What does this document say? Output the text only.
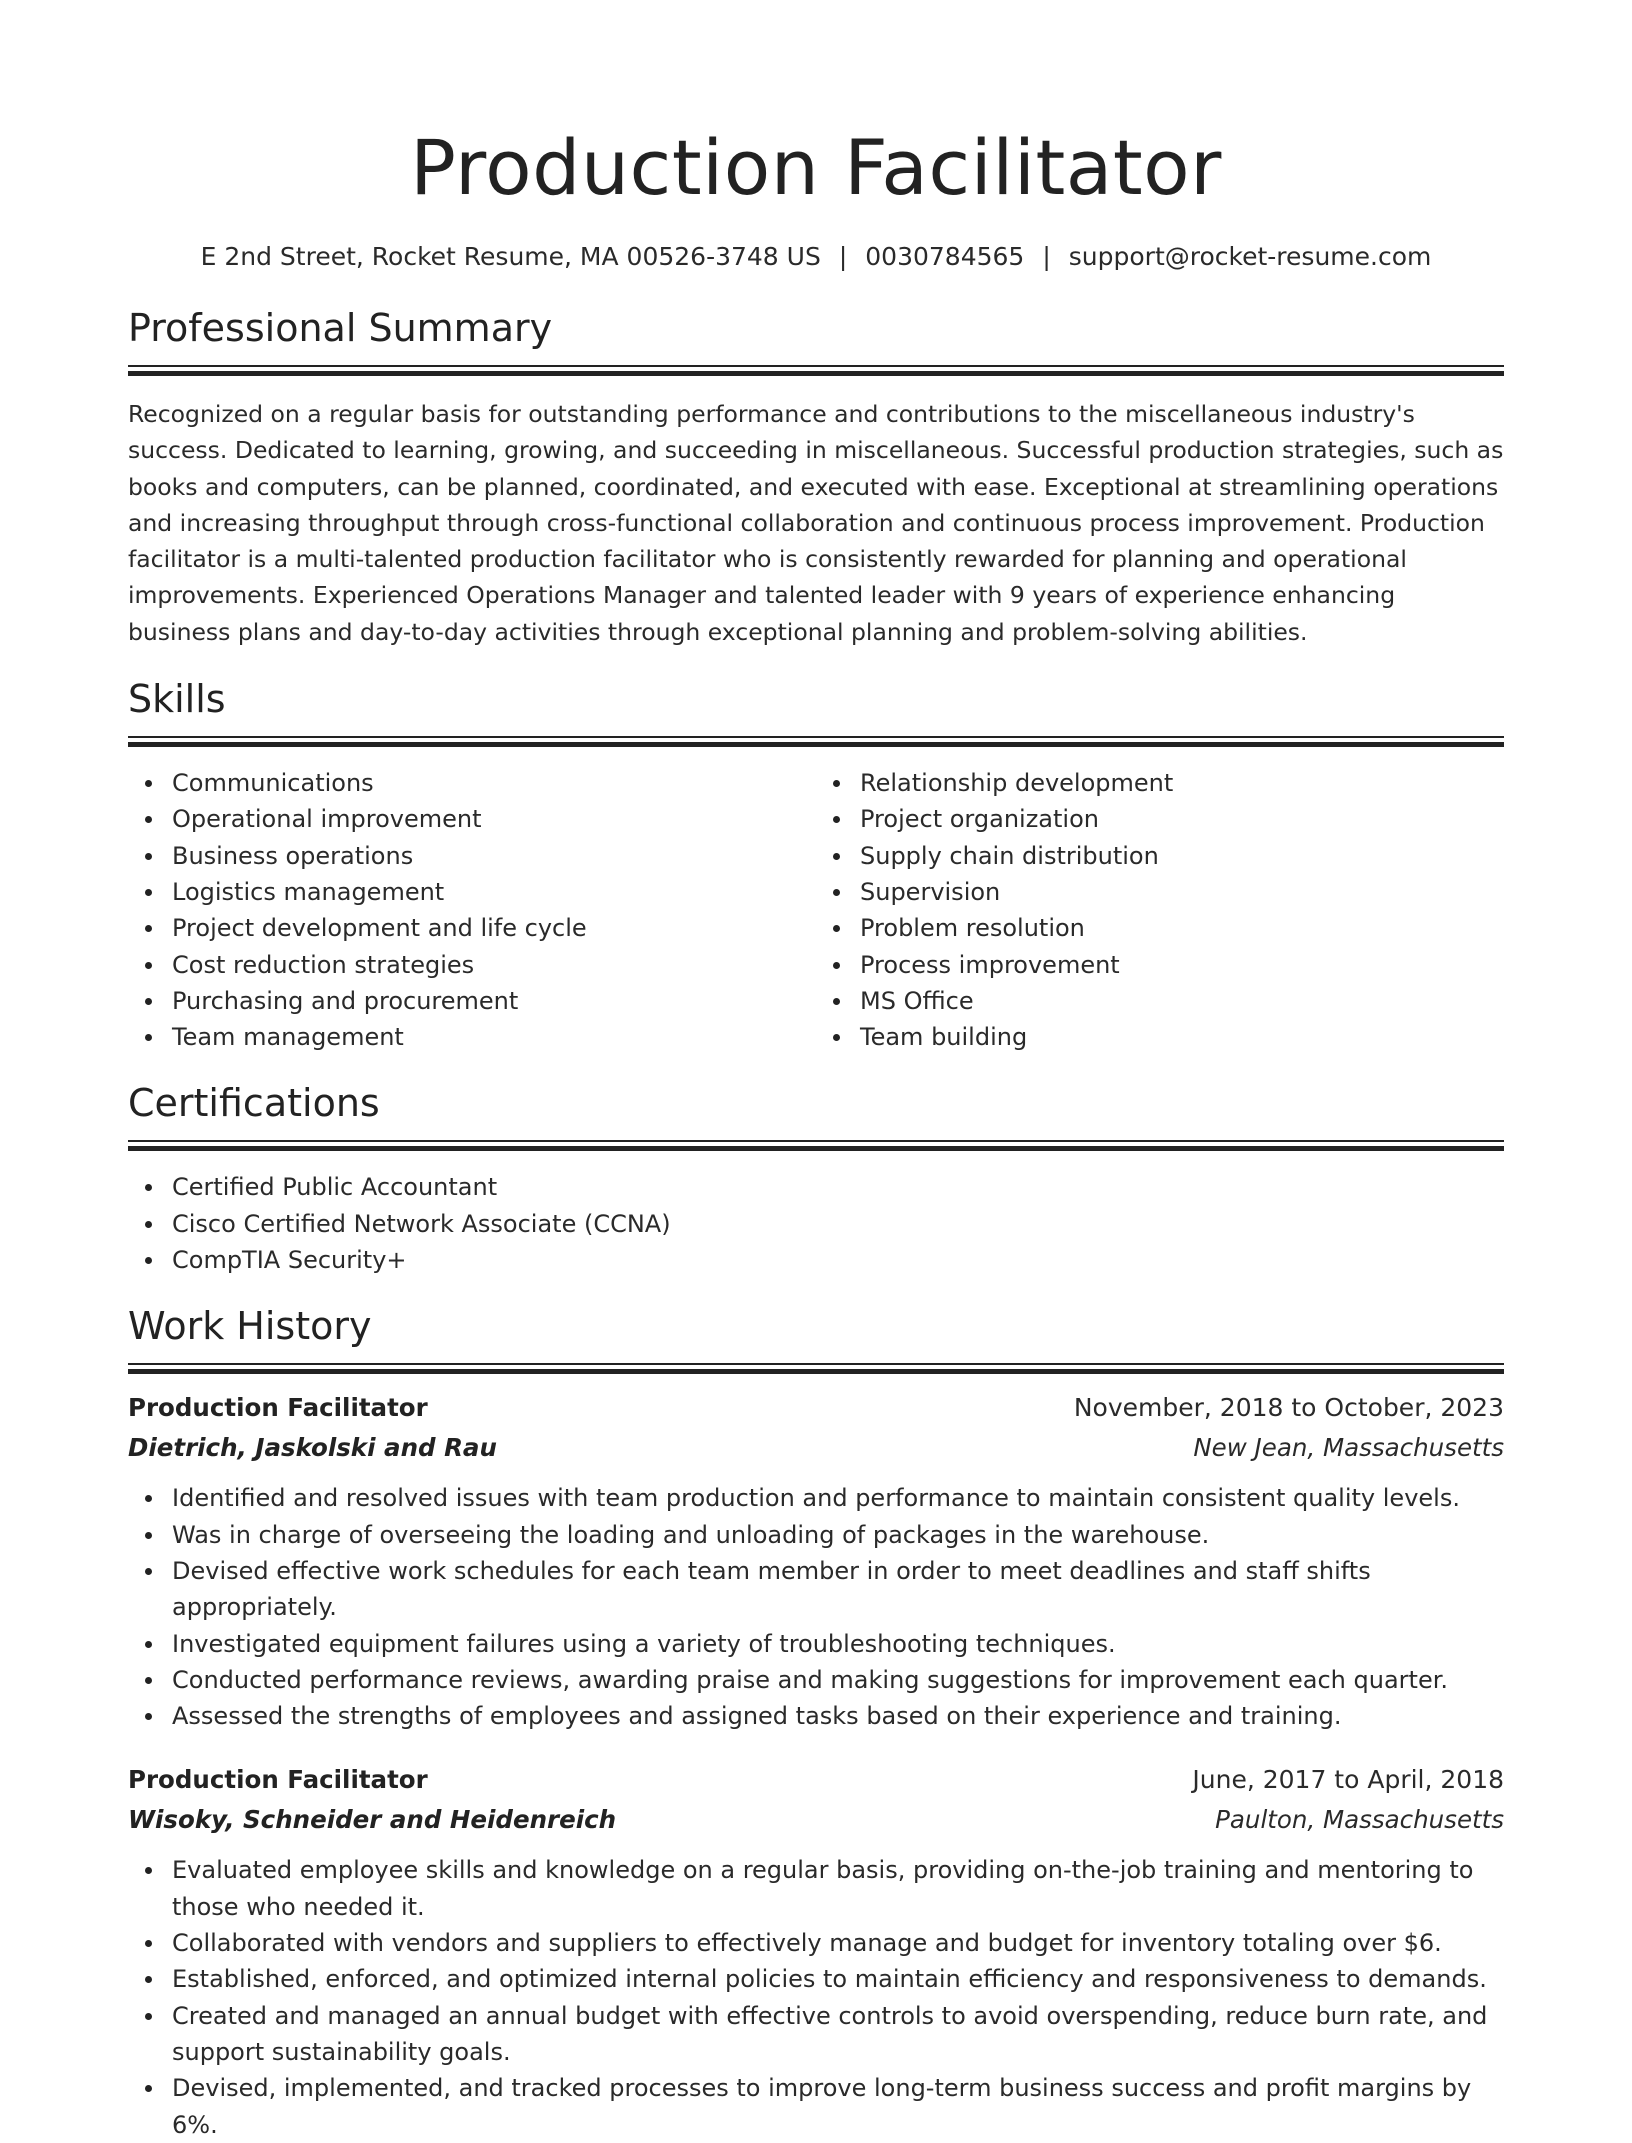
Production Facilitator
E 2nd Street, Rocket Resume, MA 00526-3748 US | 0030784565 | support@rocket-resume.com
Professional Summary
Recognized on a regular basis for outstanding performance and contributions to the miscellaneous industry's success. Dedicated to learning, growing, and succeeding in miscellaneous. Successful production strategies, such as books and computers, can be planned, coordinated, and executed with ease. Exceptional at streamlining operations and increasing throughput through cross-functional collaboration and continuous process improvement. Production facilitator is a multi-talented production facilitator who is consistently rewarded for planning and operational improvements. Experienced Operations Manager and talented leader with 9 years of experience enhancing business plans and day-to-day activities through exceptional planning and problem-solving abilities.
Skills
Communications
Operational improvement
Business operations
Logistics management
Project development and life cycle
Cost reduction strategies
Purchasing and procurement
Team management
Relationship development
Project organization
Supply chain distribution
Supervision
Problem resolution
Process improvement
MS Office
Team building
Certifications
Certified Public Accountant
Cisco Certified Network Associate (CCNA)
CompTIA Security+
Work History
Production Facilitator	November, 2018 to October, 2023
Dietrich, Jaskolski and Rau	New Jean, Massachusetts
Identified and resolved issues with team production and performance to maintain consistent quality levels.
Was in charge of overseeing the loading and unloading of packages in the warehouse.
Devised effective work schedules for each team member in order to meet deadlines and staff shifts appropriately.
Investigated equipment failures using a variety of troubleshooting techniques.
Conducted performance reviews, awarding praise and making suggestions for improvement each quarter.
Assessed the strengths of employees and assigned tasks based on their experience and training.
Production Facilitator	June, 2017 to April, 2018
Wisoky, Schneider and Heidenreich	Paulton, Massachusetts
Evaluated employee skills and knowledge on a regular basis, providing on-the-job training and mentoring to those who needed it.
Collaborated with vendors and suppliers to effectively manage and budget for inventory totaling over $6.
Established, enforced, and optimized internal policies to maintain efficiency and responsiveness to demands.
Created and managed an annual budget with effective controls to avoid overspending, reduce burn rate, and support sustainability goals.
Devised, implemented, and tracked processes to improve long-term business success and profit margins by 6%.
